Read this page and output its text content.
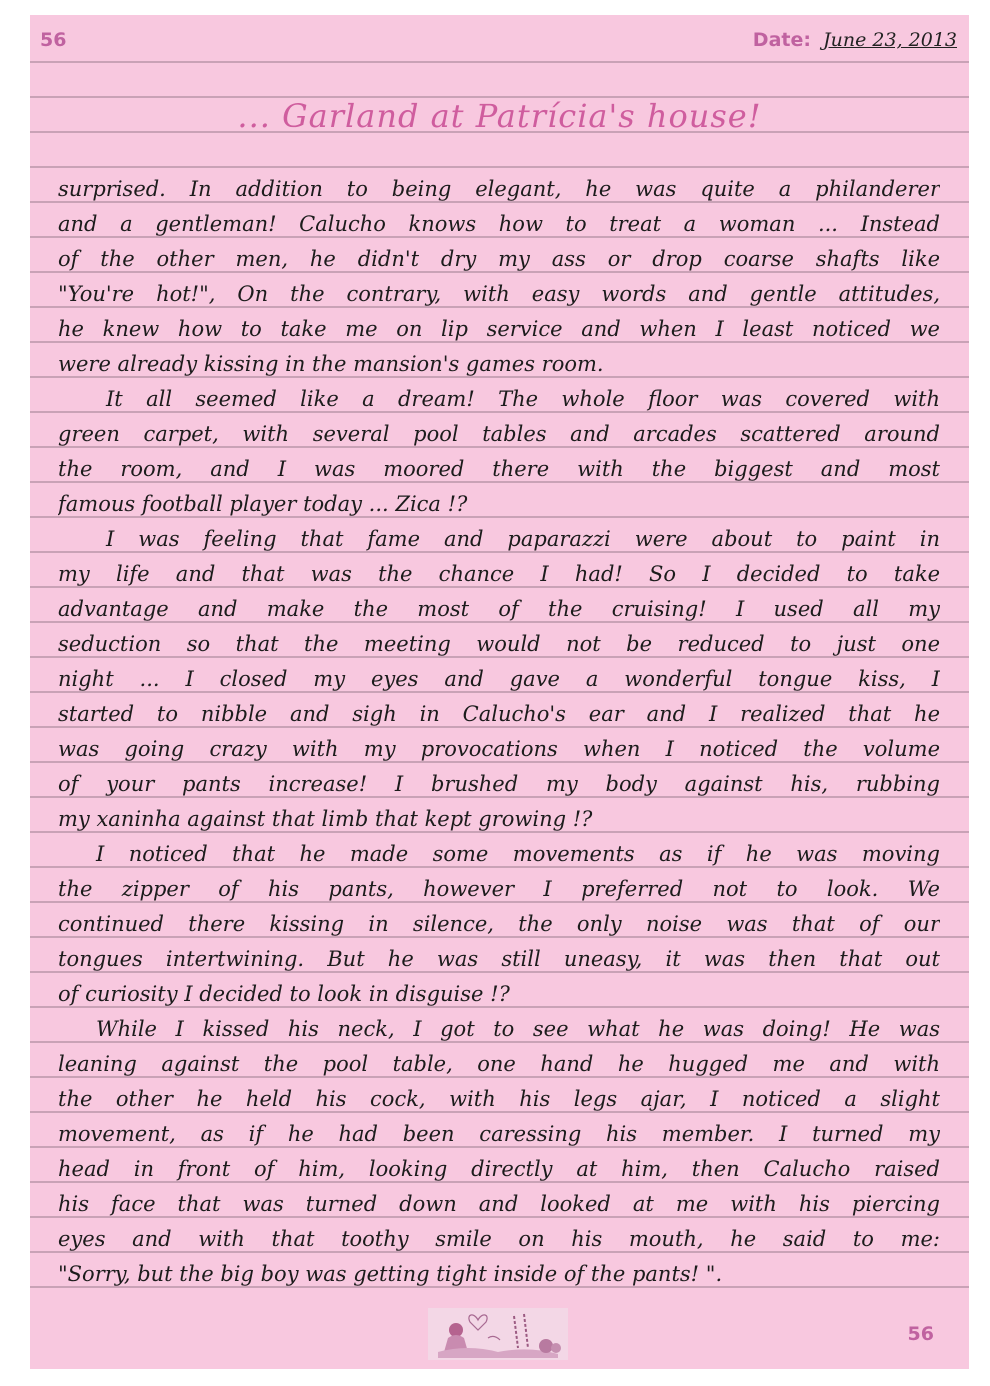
56	Date: June 23, 2013
... Garland at Patrícia's house!
surprised. In addition to being elegant, he was quite a philanderer
and a gentleman! Calucho knows how to treat a woman ... Instead
of the other men, he didn't dry my ass or drop coarse shafts like
"You're hot!", On the contrary, with easy words and gentle attitudes,
he knew how to take me on lip service and when I least noticed we
were already kissing in the mansion's games room.
It all seemed like a dream! The whole floor was covered with
green carpet, with several pool tables and arcades scattered around
the room, and I was moored there with the biggest and most
famous football player today ... Zica !?
I was feeling that fame and paparazzi were about to paint in
my life and that was the chance I had! So I decided to take
advantage and make the most of the cruising! I used all my
seduction so that the meeting would not be reduced to just one
night ... I closed my eyes and gave a wonderful tongue kiss, I
started to nibble and sigh in Calucho's ear and I realized that he
was going crazy with my provocations when I noticed the volume
of your pants increase! I brushed my body against his, rubbing
my xaninha against that limb that kept growing !?
I noticed that he made some movements as if he was moving
the zipper of his pants, however I preferred not to look. We
continued there kissing in silence, the only noise was that of our
tongues intertwining. But he was still uneasy, it was then that out
of curiosity I decided to look in disguise !?
While I kissed his neck, I got to see what he was doing! He was
leaning against the pool table, one hand he hugged me and with
the other he held his cock, with his legs ajar, I noticed a slight
movement, as if he had been caressing his member. I turned my
head in front of him, looking directly at him, then Calucho raised
his face that was turned down and looked at me with his piercing
eyes and with that toothy smile on his mouth, he said to me:
"Sorry, but the big boy was getting tight inside of the pants! ".
56
